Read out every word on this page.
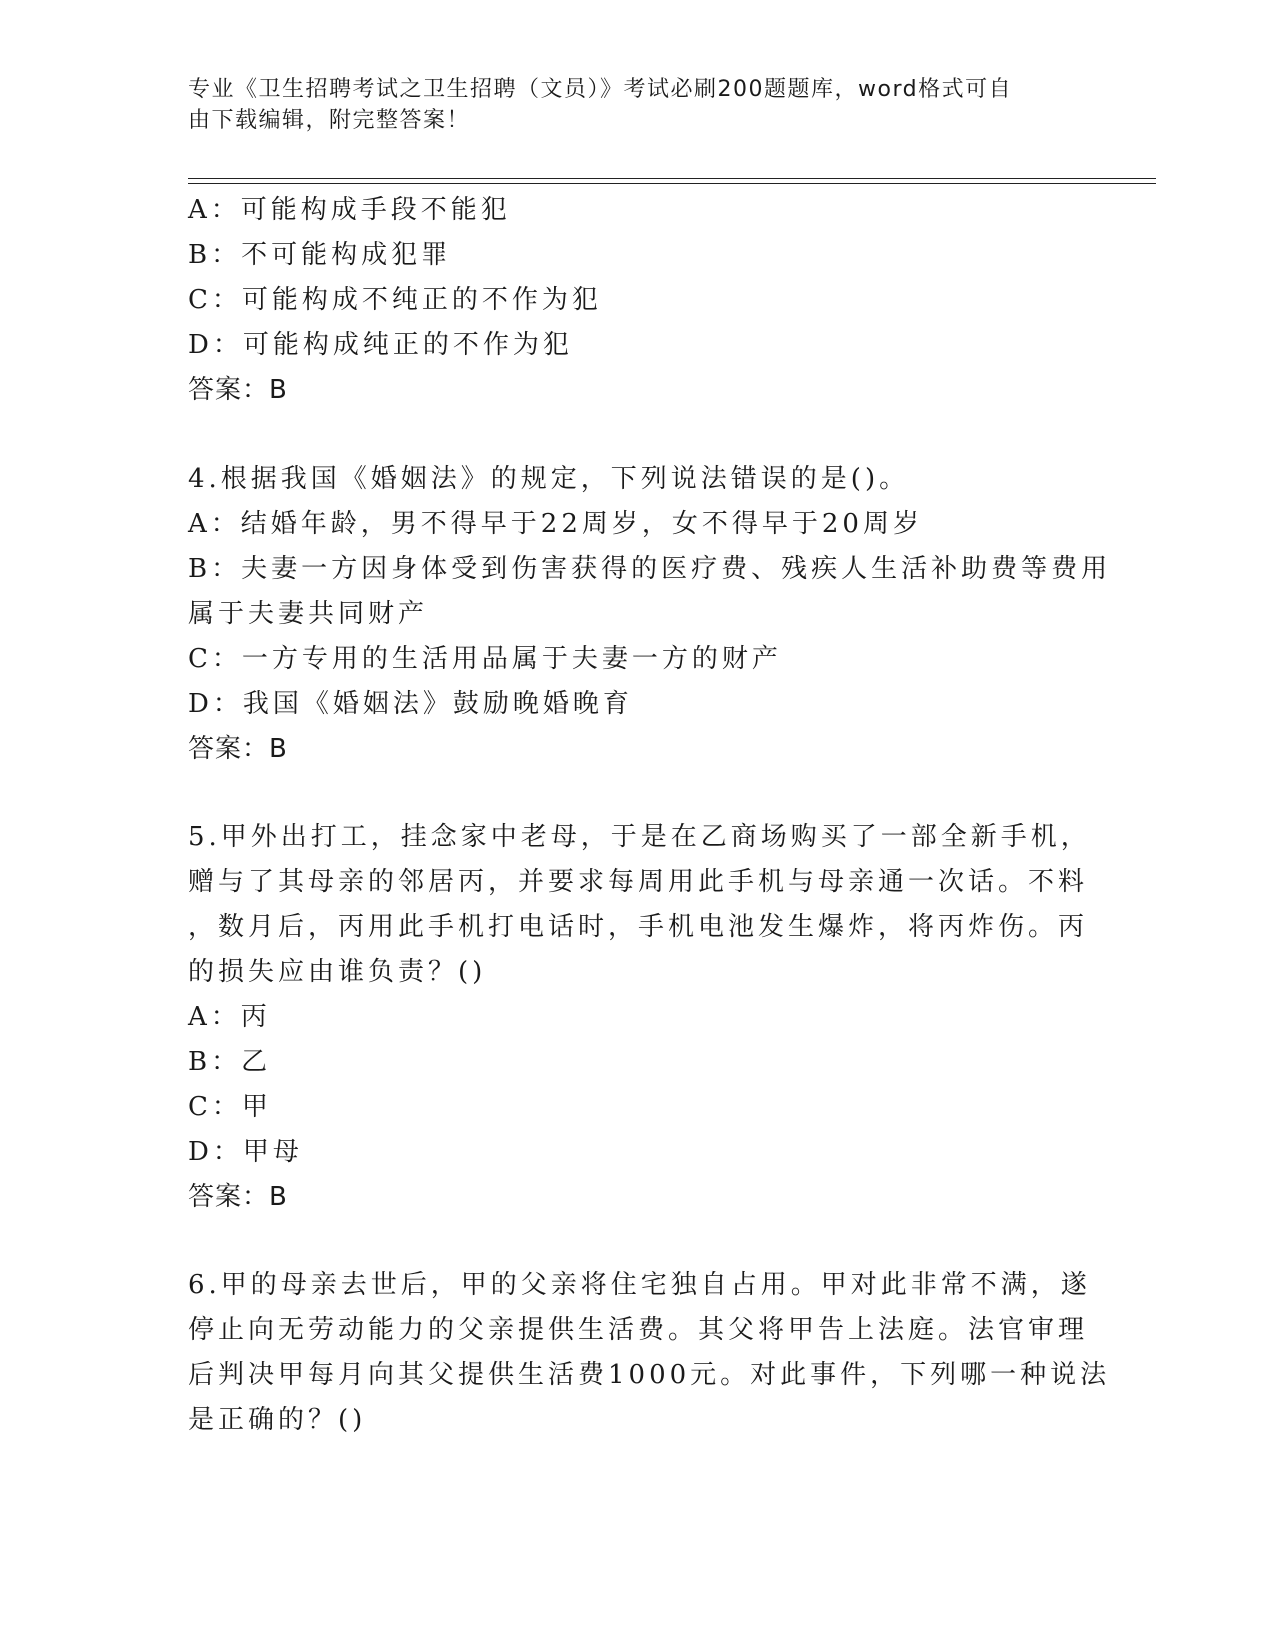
专业《卫生招聘考试之卫生招聘（文员）》考试必刷200题题库，word格式可自
由下载编辑，附完整答案！
A：可能构成手段不能犯
B：不可能构成犯罪
C：可能构成不纯正的不作为犯
D：可能构成纯正的不作为犯
答案：B
4.根据我国《婚姻法》的规定，下列说法错误的是()。
A：结婚年龄，男不得早于22周岁，女不得早于20周岁
B：夫妻一方因身体受到伤害获得的医疗费、残疾人生活补助费等费用
属于夫妻共同财产
C：一方专用的生活用品属于夫妻一方的财产
D：我国《婚姻法》鼓励晚婚晚育
答案：B
5.甲外出打工，挂念家中老母，于是在乙商场购买了一部全新手机，
赠与了其母亲的邻居丙，并要求每周用此手机与母亲通一次话。不料
，数月后，丙用此手机打电话时，手机电池发生爆炸，将丙炸伤。丙
的损失应由谁负责？()
A：丙
B：乙
C：甲
D：甲母
答案：B
6.甲的母亲去世后，甲的父亲将住宅独自占用。甲对此非常不满，遂
停止向无劳动能力的父亲提供生活费。其父将甲告上法庭。法官审理
后判决甲每月向其父提供生活费1000元。对此事件，下列哪一种说法
是正确的？()
